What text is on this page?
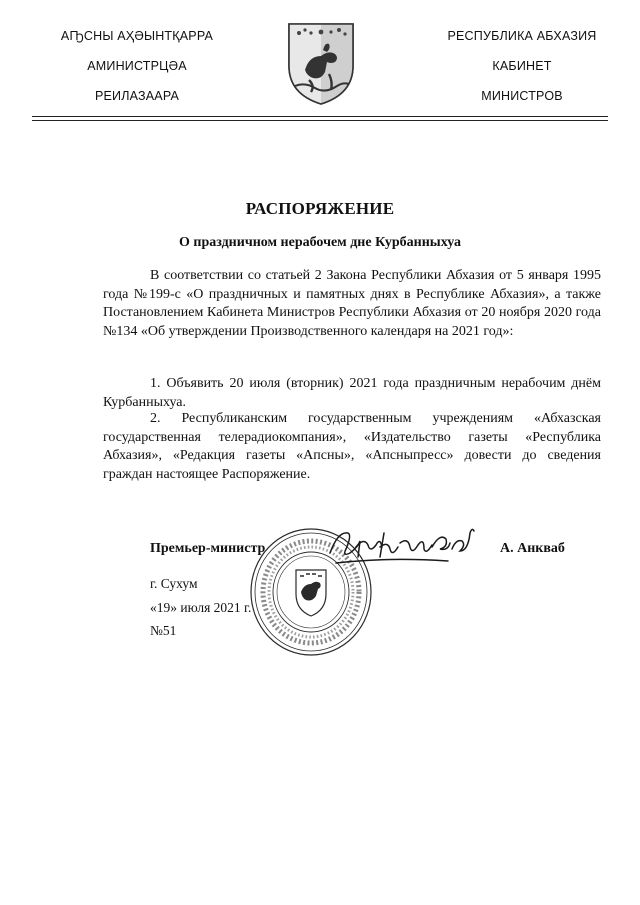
АҦСНЫ АҲӘЫНТҚАРРА
АМИНИСТРЦӘА
РЕИЛАЗААРА
РЕСПУБЛИКА АБХАЗИЯ
КАБИНЕТ
МИНИСТРОВ
РАСПОРЯЖЕНИЕ
О праздничном нерабочем дне Курбанныхуа
В соответствии со статьей 2 Закона Республики Абхазия от 5 января 1995 года №199-с «О праздничных и памятных днях в Республике Абхазия», а также Постановлением Кабинета Министров Республики Абхазия от 20 ноября 2020 года №134 «Об утверждении Производственного календаря на 2021 год»:
1. Объявить 20 июля (вторник) 2021 года праздничным нерабочим днём Курбанныхуа.
2. Республиканским государственным учреждениям «Абхазская государственная телерадиокомпания», «Издательство газеты «Республика Абхазия», «Редакция газеты «Апсны», «Апсныпресс» довести до сведения граждан настоящее Распоряжение.
Премьер-министр	А. Анкваб
г. Сухум
«19» июля 2021 г.
№51
